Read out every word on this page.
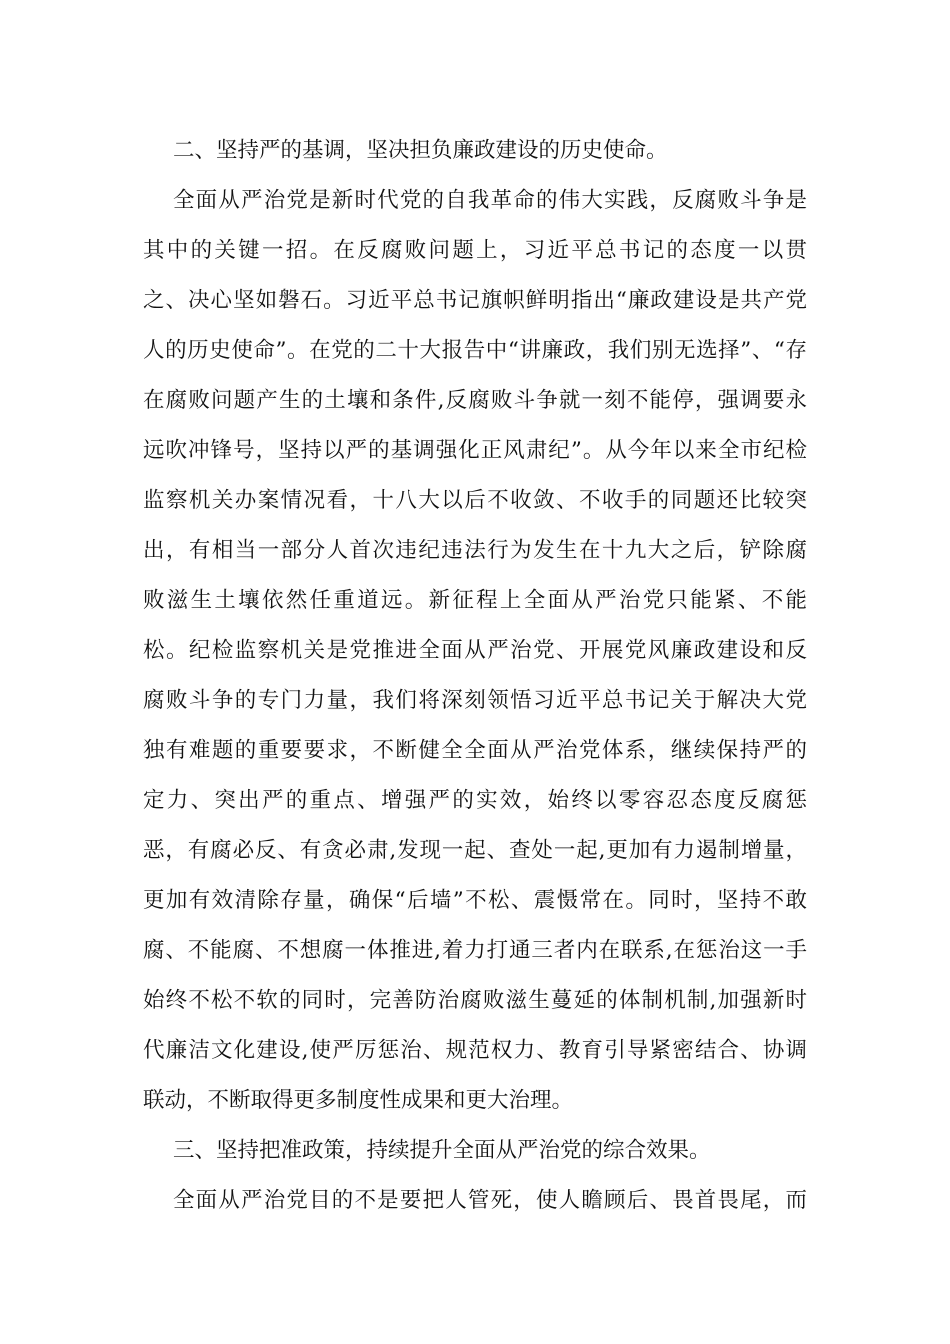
二、坚持严的基调，坚决担负廉政建设的历史使命。
全面从严治党是新时代党的自我革命的伟大实践，反腐败斗争是
其中的关键一招。在反腐败问题上，习近平总书记的态度一以贯
之、决心坚如磐石。习近平总书记旗帜鲜明指出“廉政建设是共产党
人的历史使命”。在党的二十大报告中“讲廉政，我们别无选择”、“存
在腐败问题产生的土壤和条件,反腐败斗争就一刻不能停，强调要永
远吹冲锋号，坚持以严的基调强化正风肃纪”。从今年以来全市纪检
监察机关办案情况看，十八大以后不收敛、不收手的同题还比较突
出，有相当一部分人首次违纪违法行为发生在十九大之后，铲除腐
败滋生土壤依然任重道远。新征程上全面从严治党只能紧、不能
松。纪检监察机关是党推进全面从严治党、开展党风廉政建设和反
腐败斗争的专门力量，我们将深刻领悟习近平总书记关于解决大党
独有难题的重要要求，不断健全全面从严治党体系，继续保持严的
定力、突出严的重点、增强严的实效，始终以零容忍态度反腐惩
恶，有腐必反、有贪必肃,发现一起、查处一起,更加有力遏制增量，
更加有效清除存量，确保“后墙”不松、震慑常在。同时，坚持不敢
腐、不能腐、不想腐一体推进,着力打通三者内在联系,在惩治这一手
始终不松不软的同时，完善防治腐败滋生蔓延的体制机制,加强新时
代廉洁文化建设,使严厉惩治、规范权力、教育引导紧密结合、协调
联动，不断取得更多制度性成果和更大治理。
三、坚持把准政策，持续提升全面从严治党的综合效果。
全面从严治党目的不是要把人管死，使人瞻顾后、畏首畏尾，而
